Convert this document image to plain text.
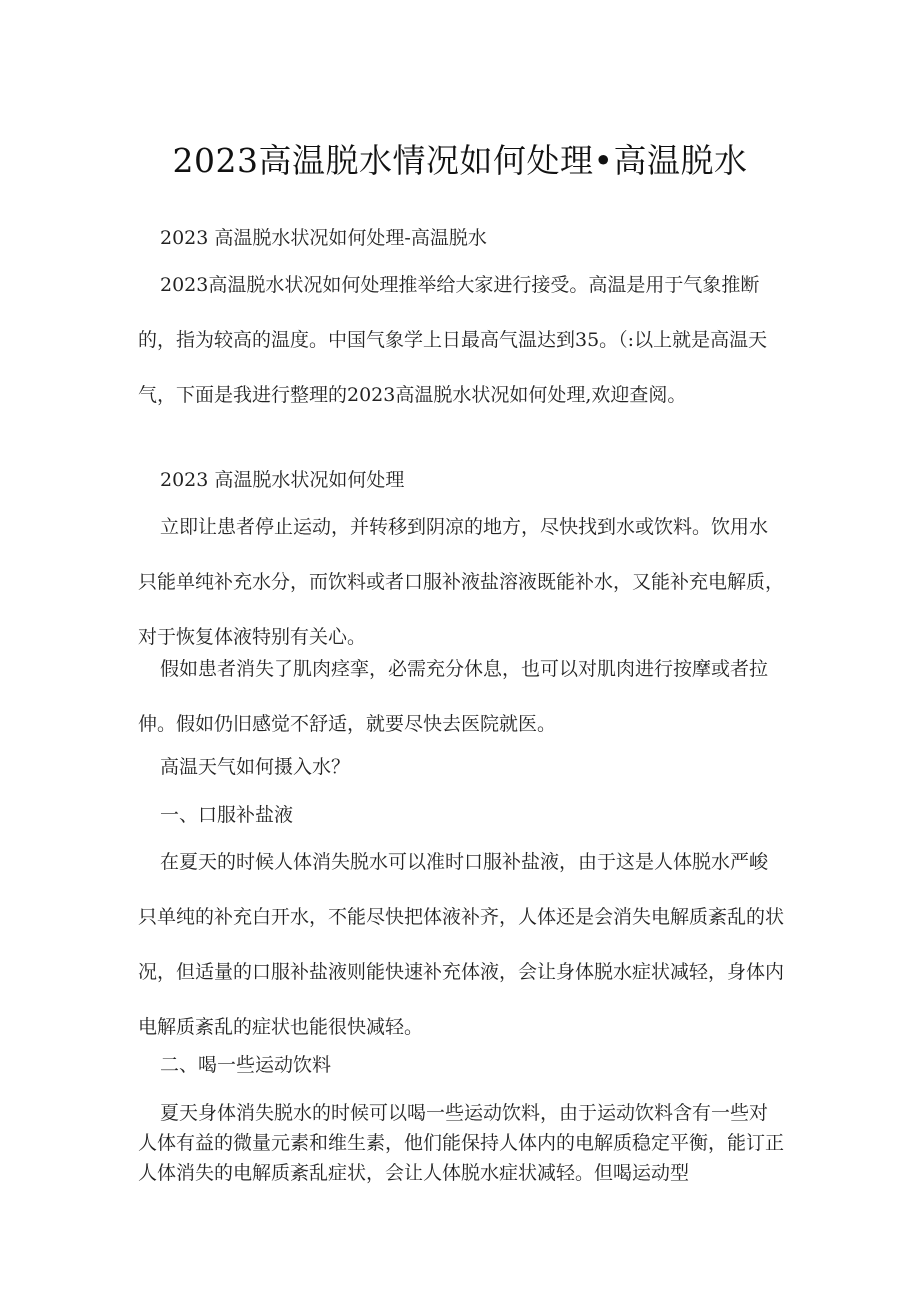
2023高温脱水情况如何处理•高温脱水

2023 高温脱水状况如何处理-高温脱水

2023高温脱水状况如何处理推举给大家进行接受。高温是用于气象推断的，指为较高的温度。中国气象学上日最高气温达到35。（:以上就是高温天气，下面是我进行整理的2023高温脱水状况如何处理,欢迎查阅。

2023 高温脱水状况如何处理

立即让患者停止运动，并转移到阴凉的地方，尽快找到水或饮料。饮用水只能单纯补充水分，而饮料或者口服补液盐溶液既能补水，又能补充电解质，对于恢复体液特别有关心。

假如患者消失了肌肉痉挛，必需充分休息，也可以对肌肉进行按摩或者拉伸。假如仍旧感觉不舒适，就要尽快去医院就医。

高温天气如何摄入水？

一、口服补盐液

在夏天的时候人体消失脱水可以准时口服补盐液，由于这是人体脱水严峻只单纯的补充白开水，不能尽快把体液补齐，人体还是会消失电解质紊乱的状况，但适量的口服补盐液则能快速补充体液，会让身体脱水症状减轻，身体内电解质紊乱的症状也能很快减轻。

二、喝一些运动饮料

夏天身体消失脱水的时候可以喝一些运动饮料，由于运动饮料含有一些对人体有益的微量元素和维生素，他们能保持人体内的电解质稳定平衡，能订正人体消失的电解质紊乱症状，会让人体脱水症状减轻。但喝运动型
